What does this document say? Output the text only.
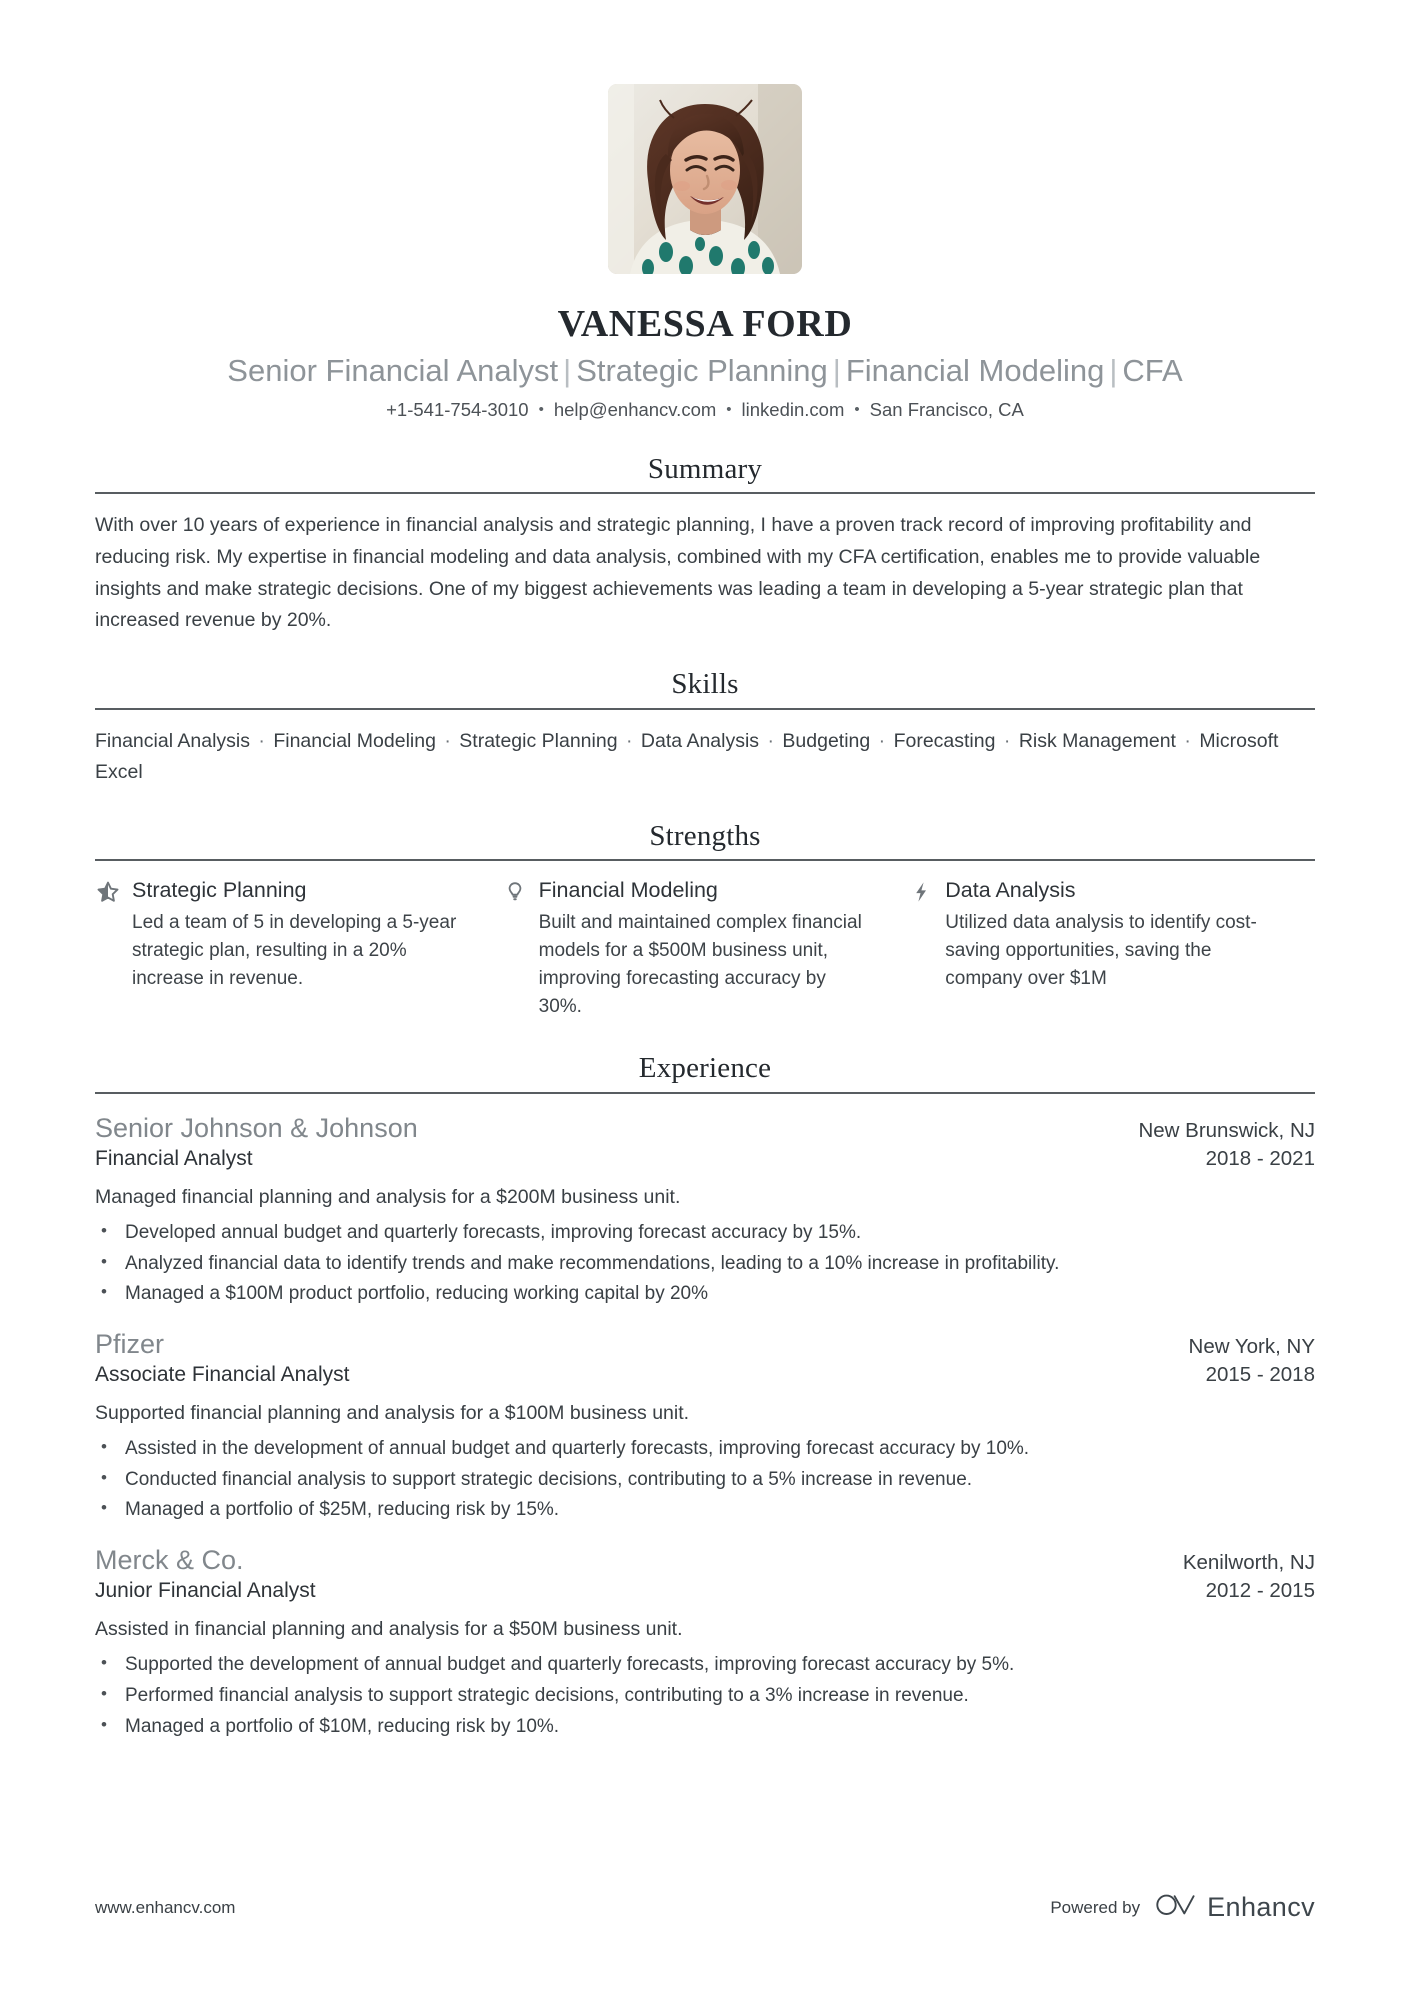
VANESSA FORD
Senior Financial Analyst | Strategic Planning | Financial Modeling | CFA
+1-541-754-3010 • help@enhancv.com • linkedin.com • San Francisco, CA
Summary
With over 10 years of experience in financial analysis and strategic planning, I have a proven track record of improving profitability and reducing risk. My expertise in financial modeling and data analysis, combined with my CFA certification, enables me to provide valuable insights and make strategic decisions. One of my biggest achievements was leading a team in developing a 5-year strategic plan that increased revenue by 20%.
Skills
Financial Analysis · Financial Modeling · Strategic Planning · Data Analysis · Budgeting · Forecasting · Risk Management · Microsoft Excel
Strengths
Strategic Planning
Led a team of 5 in developing a 5-year strategic plan, resulting in a 20% increase in revenue.
Financial Modeling
Built and maintained complex financial models for a $500M business unit, improving forecasting accuracy by 30%.
Data Analysis
Utilized data analysis to identify cost-saving opportunities, saving the company over $1M
Experience
Senior Johnson & Johnson	New Brunswick, NJ
Financial Analyst	2018 - 2021
Managed financial planning and analysis for a $200M business unit.
• Developed annual budget and quarterly forecasts, improving forecast accuracy by 15%.
• Analyzed financial data to identify trends and make recommendations, leading to a 10% increase in profitability.
• Managed a $100M product portfolio, reducing working capital by 20%
Pfizer	New York, NY
Associate Financial Analyst	2015 - 2018
Supported financial planning and analysis for a $100M business unit.
• Assisted in the development of annual budget and quarterly forecasts, improving forecast accuracy by 10%.
• Conducted financial analysis to support strategic decisions, contributing to a 5% increase in revenue.
• Managed a portfolio of $25M, reducing risk by 15%.
Merck & Co.	Kenilworth, NJ
Junior Financial Analyst	2012 - 2015
Assisted in financial planning and analysis for a $50M business unit.
• Supported the development of annual budget and quarterly forecasts, improving forecast accuracy by 5%.
• Performed financial analysis to support strategic decisions, contributing to a 3% increase in revenue.
• Managed a portfolio of $10M, reducing risk by 10%.
www.enhancv.com	Powered by Enhancv
